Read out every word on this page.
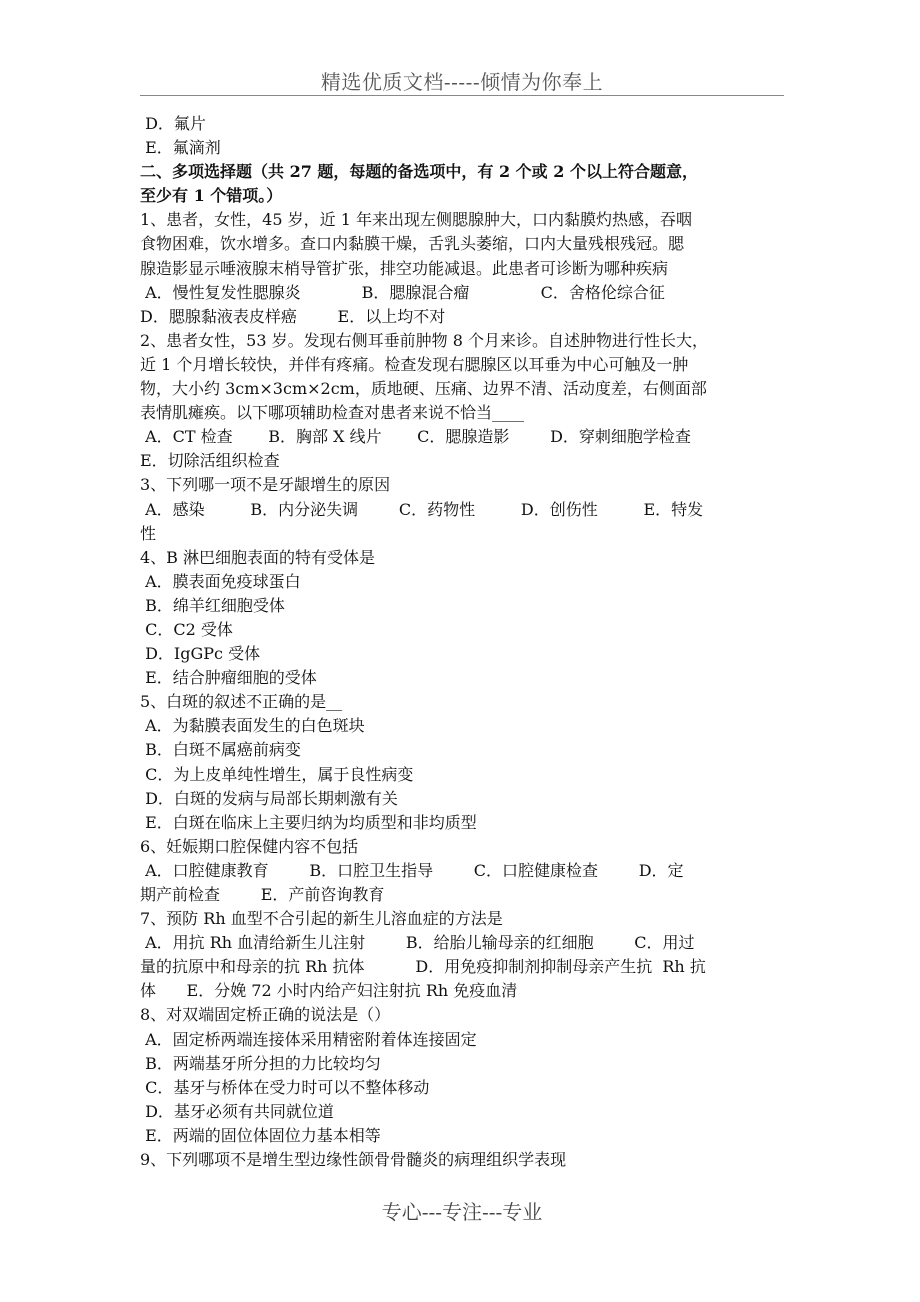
精选优质文档-----倾情为你奉上
D．氟片
E．氟滴剂
二、多项选择题（共 27 题，每题的备选项中，有 2 个或 2 个以上符合题意，
至少有 1 个错项。）
1、患者，女性，45 岁，近 1 年来出现左侧腮腺肿大，口内黏膜灼热感，吞咽
食物困难，饮水增多。查口内黏膜干燥，舌乳头萎缩，口内大量残根残冠。腮
腺造影显示唾液腺末梢导管扩张，排空功能减退。此患者可诊断为哪种疾病
A．慢性复发性腮腺炎            B．腮腺混合瘤              C．舍格伦综合征
D．腮腺黏液表皮样癌        E．以上均不对
2、患者女性，53 岁。发现右侧耳垂前肿物 8 个月来诊。自述肿物进行性长大，
近 1 个月增长较快，并伴有疼痛。检查发现右腮腺区以耳垂为中心可触及一肿
物，大小约 3cm×3cm×2cm，质地硬、压痛、边界不清、活动度差，右侧面部
表情肌瘫痪。以下哪项辅助检查对患者来说不恰当____
A．CT 检查       B．胸部 X 线片       C．腮腺造影        D．穿刺细胞学检查
E．切除活组织检查
3、下列哪一项不是牙龈增生的原因
A．感染         B．内分泌失调        C．药物性         D．创伤性         E．特发
性
4、B 淋巴细胞表面的特有受体是
A．膜表面免疫球蛋白
B．绵羊红细胞受体
C．C2 受体
D．IgGPc 受体
E．结合肿瘤细胞的受体
5、白斑的叙述不正确的是__
A．为黏膜表面发生的白色斑块
B．白斑不属癌前病变
C．为上皮单纯性增生，属于良性病变
D．白斑的发病与局部长期刺激有关
E．白斑在临床上主要归纳为均质型和非均质型
6、妊娠期口腔保健内容不包括
A．口腔健康教育        B．口腔卫生指导        C．口腔健康检查        D．定
期产前检查        E．产前咨询教育
7、预防 Rh 血型不合引起的新生儿溶血症的方法是
A．用抗 Rh 血清给新生儿注射        B．给胎儿输母亲的红细胞        C．用过
量的抗原中和母亲的抗 Rh 抗体          D．用免疫抑制剂抑制母亲产生抗  Rh 抗
体      E．分娩 72 小时内给产妇注射抗 Rh 免疫血清
8、对双端固定桥正确的说法是（）
A．固定桥两端连接体采用精密附着体连接固定
B．两端基牙所分担的力比较均匀
C．基牙与桥体在受力时可以不整体移动
D．基牙必须有共同就位道
E．两端的固位体固位力基本相等
9、下列哪项不是增生型边缘性颌骨骨髓炎的病理组织学表现
专心---专注---专业
